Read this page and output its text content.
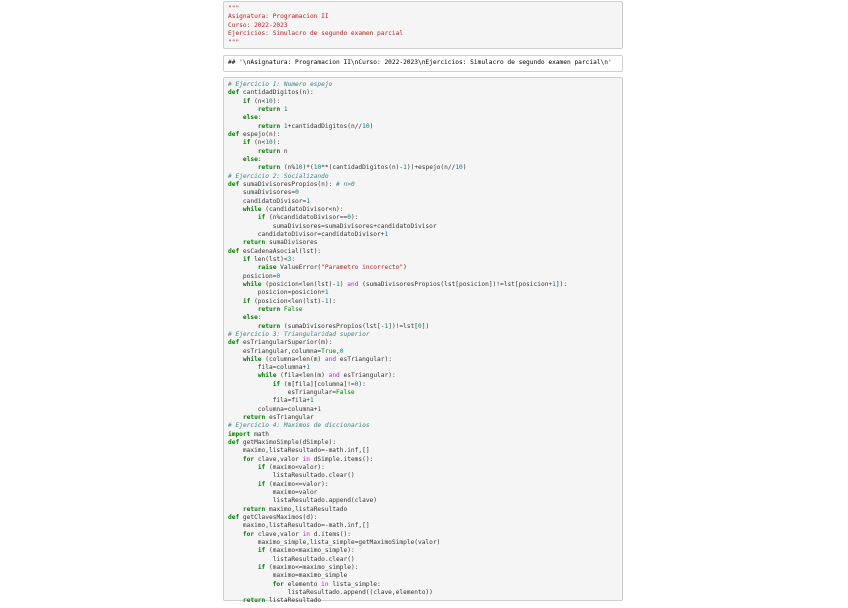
"""
Asignatura: Programacion II
Curso: 2022-2023
Ejercicios: Simulacro de segundo examen parcial
"""
## '\nAsignatura: Programacion II\nCurso: 2022-2023\nEjercicios: Simulacro de segundo examen parcial\n'
# Ejercicio 1: Numero espejo
def cantidadDigitos(n):
if (n<10):
return 1
else:
return 1+cantidadDigitos(n//10)
def espejo(n):
if (n<10):
return n
else:
return (n%10)*(10**(cantidadDigitos(n)-1))+espejo(n//10)
# Ejercicio 2: Socializando
def sumaDivisoresPropios(n): # n>0
sumaDivisores=0
candidatoDivisor=1
while (candidatoDivisor<n):
if (n%candidatoDivisor==0):
sumaDivisores=sumaDivisores+candidatoDivisor
candidatoDivisor=candidatoDivisor+1
return sumaDivisores
def esCadenaAsocial(lst):
if len(lst)<3:
raise ValueError("Parametro incorrecto")
posicion=0
while (posicion<len(lst)-1) and (sumaDivisoresPropios(lst[posicion])!=lst[posicion+1]):
posicion=posicion+1
if (posicion<len(lst)-1):
return False
else:
return (sumaDivisoresPropios(lst[-1])!=lst[0])
# Ejercicio 3: Triangularidad superior
def esTriangularSuperior(m):
esTriangular,columna=True,0
while (columna<len(m) and esTriangular):
fila=columna+1
while (fila<len(m) and esTriangular):
if (m[fila][columna]!=0):
esTriangular=False
fila=fila+1
columna=columna+1
return esTriangular
# Ejercicio 4: Maximos de diccionarios
import math
def getMaximoSimple(dSimple):
maximo,listaResultado=-math.inf,[]
for clave,valor in dSimple.items():
if (maximo<valor):
listaResultado.clear()
if (maximo<=valor):
maximo=valor
listaResultado.append(clave)
return maximo,listaResultado
def getClavesMaximos(d):
maximo,listaResultado=-math.inf,[]
for clave,valor in d.items():
maximo_simple,lista_simple=getMaximoSimple(valor)
if (maximo<maximo_simple):
listaResultado.clear()
if (maximo<=maximo_simple):
maximo=maximo_simple
for elemento in lista_simple:
listaResultado.append((clave,elemento))
return listaResultado
